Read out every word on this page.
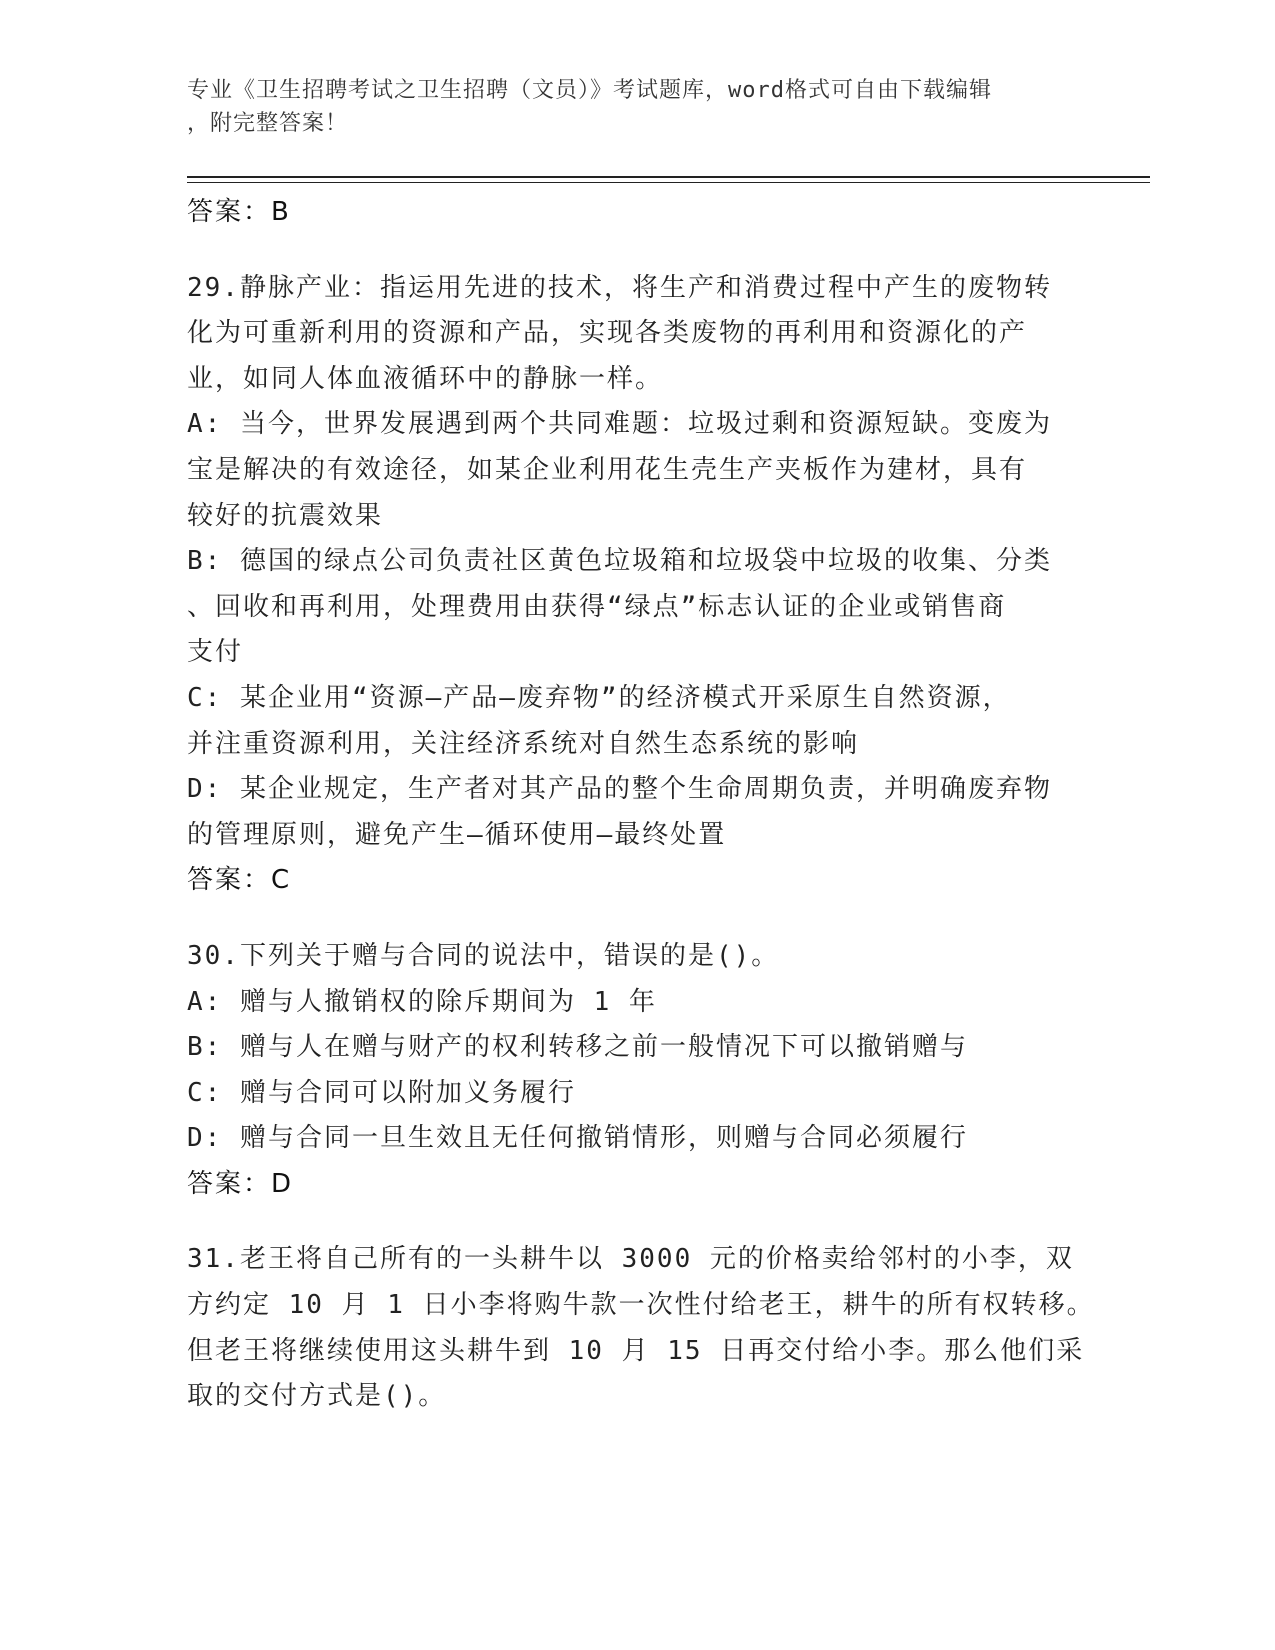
专业《卫生招聘考试之卫生招聘（文员）》考试题库，word格式可自由下载编辑
，附完整答案！
答案：B
29.静脉产业：指运用先进的技术，将生产和消费过程中产生的废物转
化为可重新利用的资源和产品，实现各类废物的再利用和资源化的产
业，如同人体血液循环中的静脉一样。
A: 当今，世界发展遇到两个共同难题：垃圾过剩和资源短缺。变废为
宝是解决的有效途径，如某企业利用花生壳生产夹板作为建材，具有
较好的抗震效果
B: 德国的绿点公司负责社区黄色垃圾箱和垃圾袋中垃圾的收集、分类
、回收和再利用，处理费用由获得“绿点”标志认证的企业或销售商
支付
C: 某企业用“资源—产品—废弃物”的经济模式开采原生自然资源，
并注重资源利用，关注经济系统对自然生态系统的影响
D: 某企业规定，生产者对其产品的整个生命周期负责，并明确废弃物
的管理原则，避免产生—循环使用—最终处置
答案：C
30.下列关于赠与合同的说法中，错误的是()。
A: 赠与人撤销权的除斥期间为 1 年
B: 赠与人在赠与财产的权利转移之前一般情况下可以撤销赠与
C: 赠与合同可以附加义务履行
D: 赠与合同一旦生效且无任何撤销情形，则赠与合同必须履行
答案：D
31.老王将自己所有的一头耕牛以 3000 元的价格卖给邻村的小李，双
方约定 10 月 1 日小李将购牛款一次性付给老王，耕牛的所有权转移。
但老王将继续使用这头耕牛到 10 月 15 日再交付给小李。那么他们采
取的交付方式是()。
